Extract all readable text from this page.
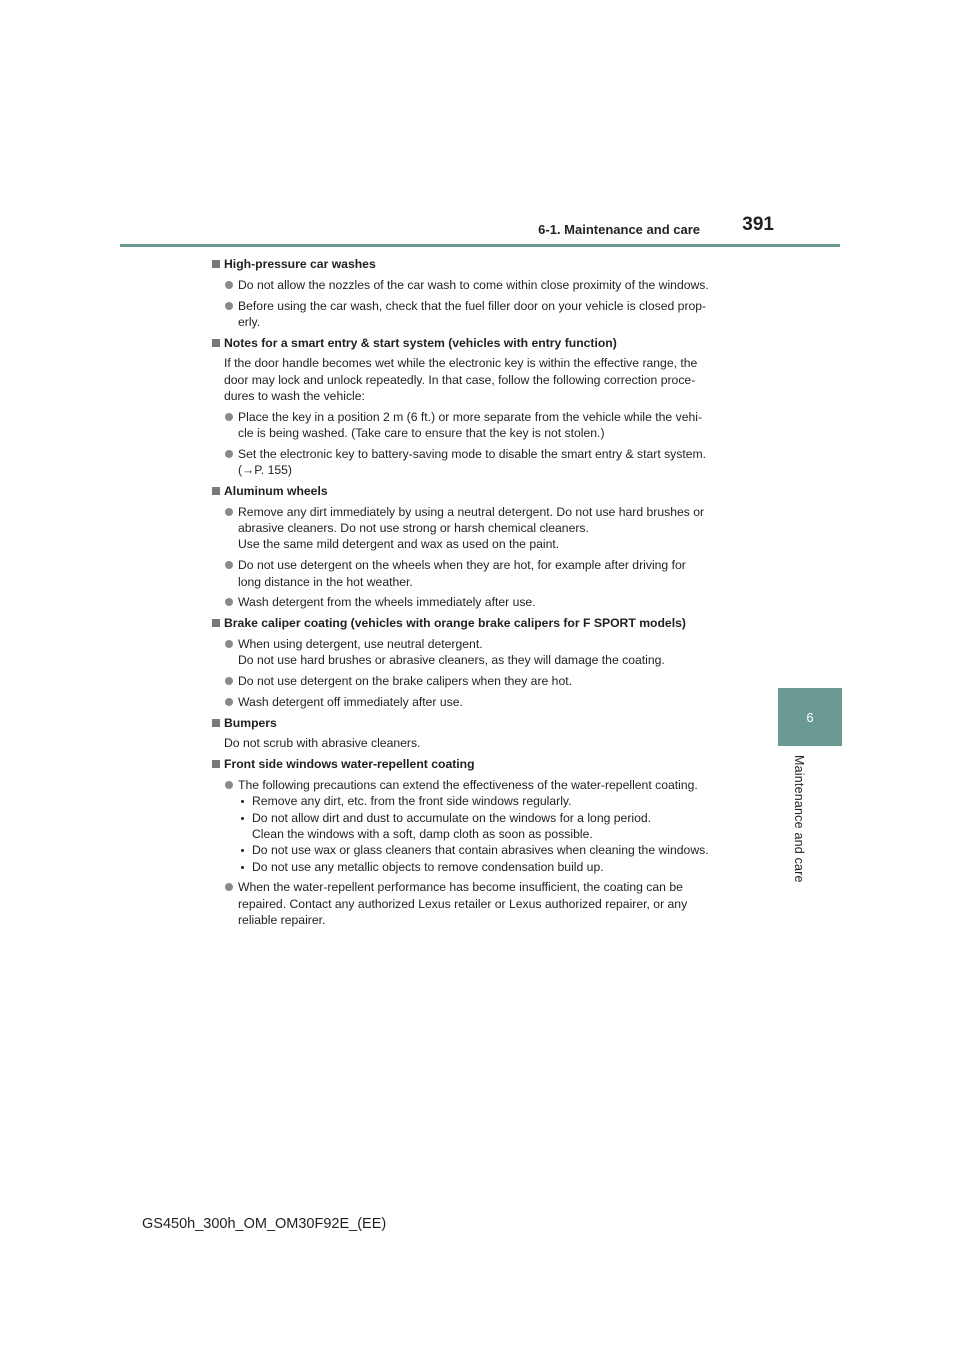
6-1. Maintenance and care 391
6
Maintenance and care
High-pressure car washes
Do not allow the nozzles of the car wash to come within close proximity of the windows.
Before using the car wash, check that the fuel filler door on your vehicle is closed prop-
erly.
Notes for a smart entry & start system (vehicles with entry function)
If the door handle becomes wet while the electronic key is within the effective range, the
door may lock and unlock repeatedly. In that case, follow the following correction proce-
dures to wash the vehicle:
Place the key in a position 2 m (6 ft.) or more separate from the vehicle while the vehi-
cle is being washed. (Take care to ensure that the key is not stolen.)
Set the electronic key to battery-saving mode to disable the smart entry & start system.
(→P. 155)
Aluminum wheels
Remove any dirt immediately by using a neutral detergent. Do not use hard brushes or
abrasive cleaners. Do not use strong or harsh chemical cleaners.
Use the same mild detergent and wax as used on the paint.
Do not use detergent on the wheels when they are hot, for example after driving for
long distance in the hot weather.
Wash detergent from the wheels immediately after use.
Brake caliper coating (vehicles with orange brake calipers for F SPORT models)
When using detergent, use neutral detergent.
Do not use hard brushes or abrasive cleaners, as they will damage the coating.
Do not use detergent on the brake calipers when they are hot.
Wash detergent off immediately after use.
Bumpers
Do not scrub with abrasive cleaners.
Front side windows water-repellent coating
The following precautions can extend the effectiveness of the water-repellent coating.
Remove any dirt, etc. from the front side windows regularly.
Do not allow dirt and dust to accumulate on the windows for a long period.
Clean the windows with a soft, damp cloth as soon as possible.
Do not use wax or glass cleaners that contain abrasives when cleaning the windows.
Do not use any metallic objects to remove condensation build up.
When the water-repellent performance has become insufficient, the coating can be
repaired. Contact any authorized Lexus retailer or Lexus authorized repairer, or any
reliable repairer.
GS450h_300h_OM_OM30F92E_(EE)
